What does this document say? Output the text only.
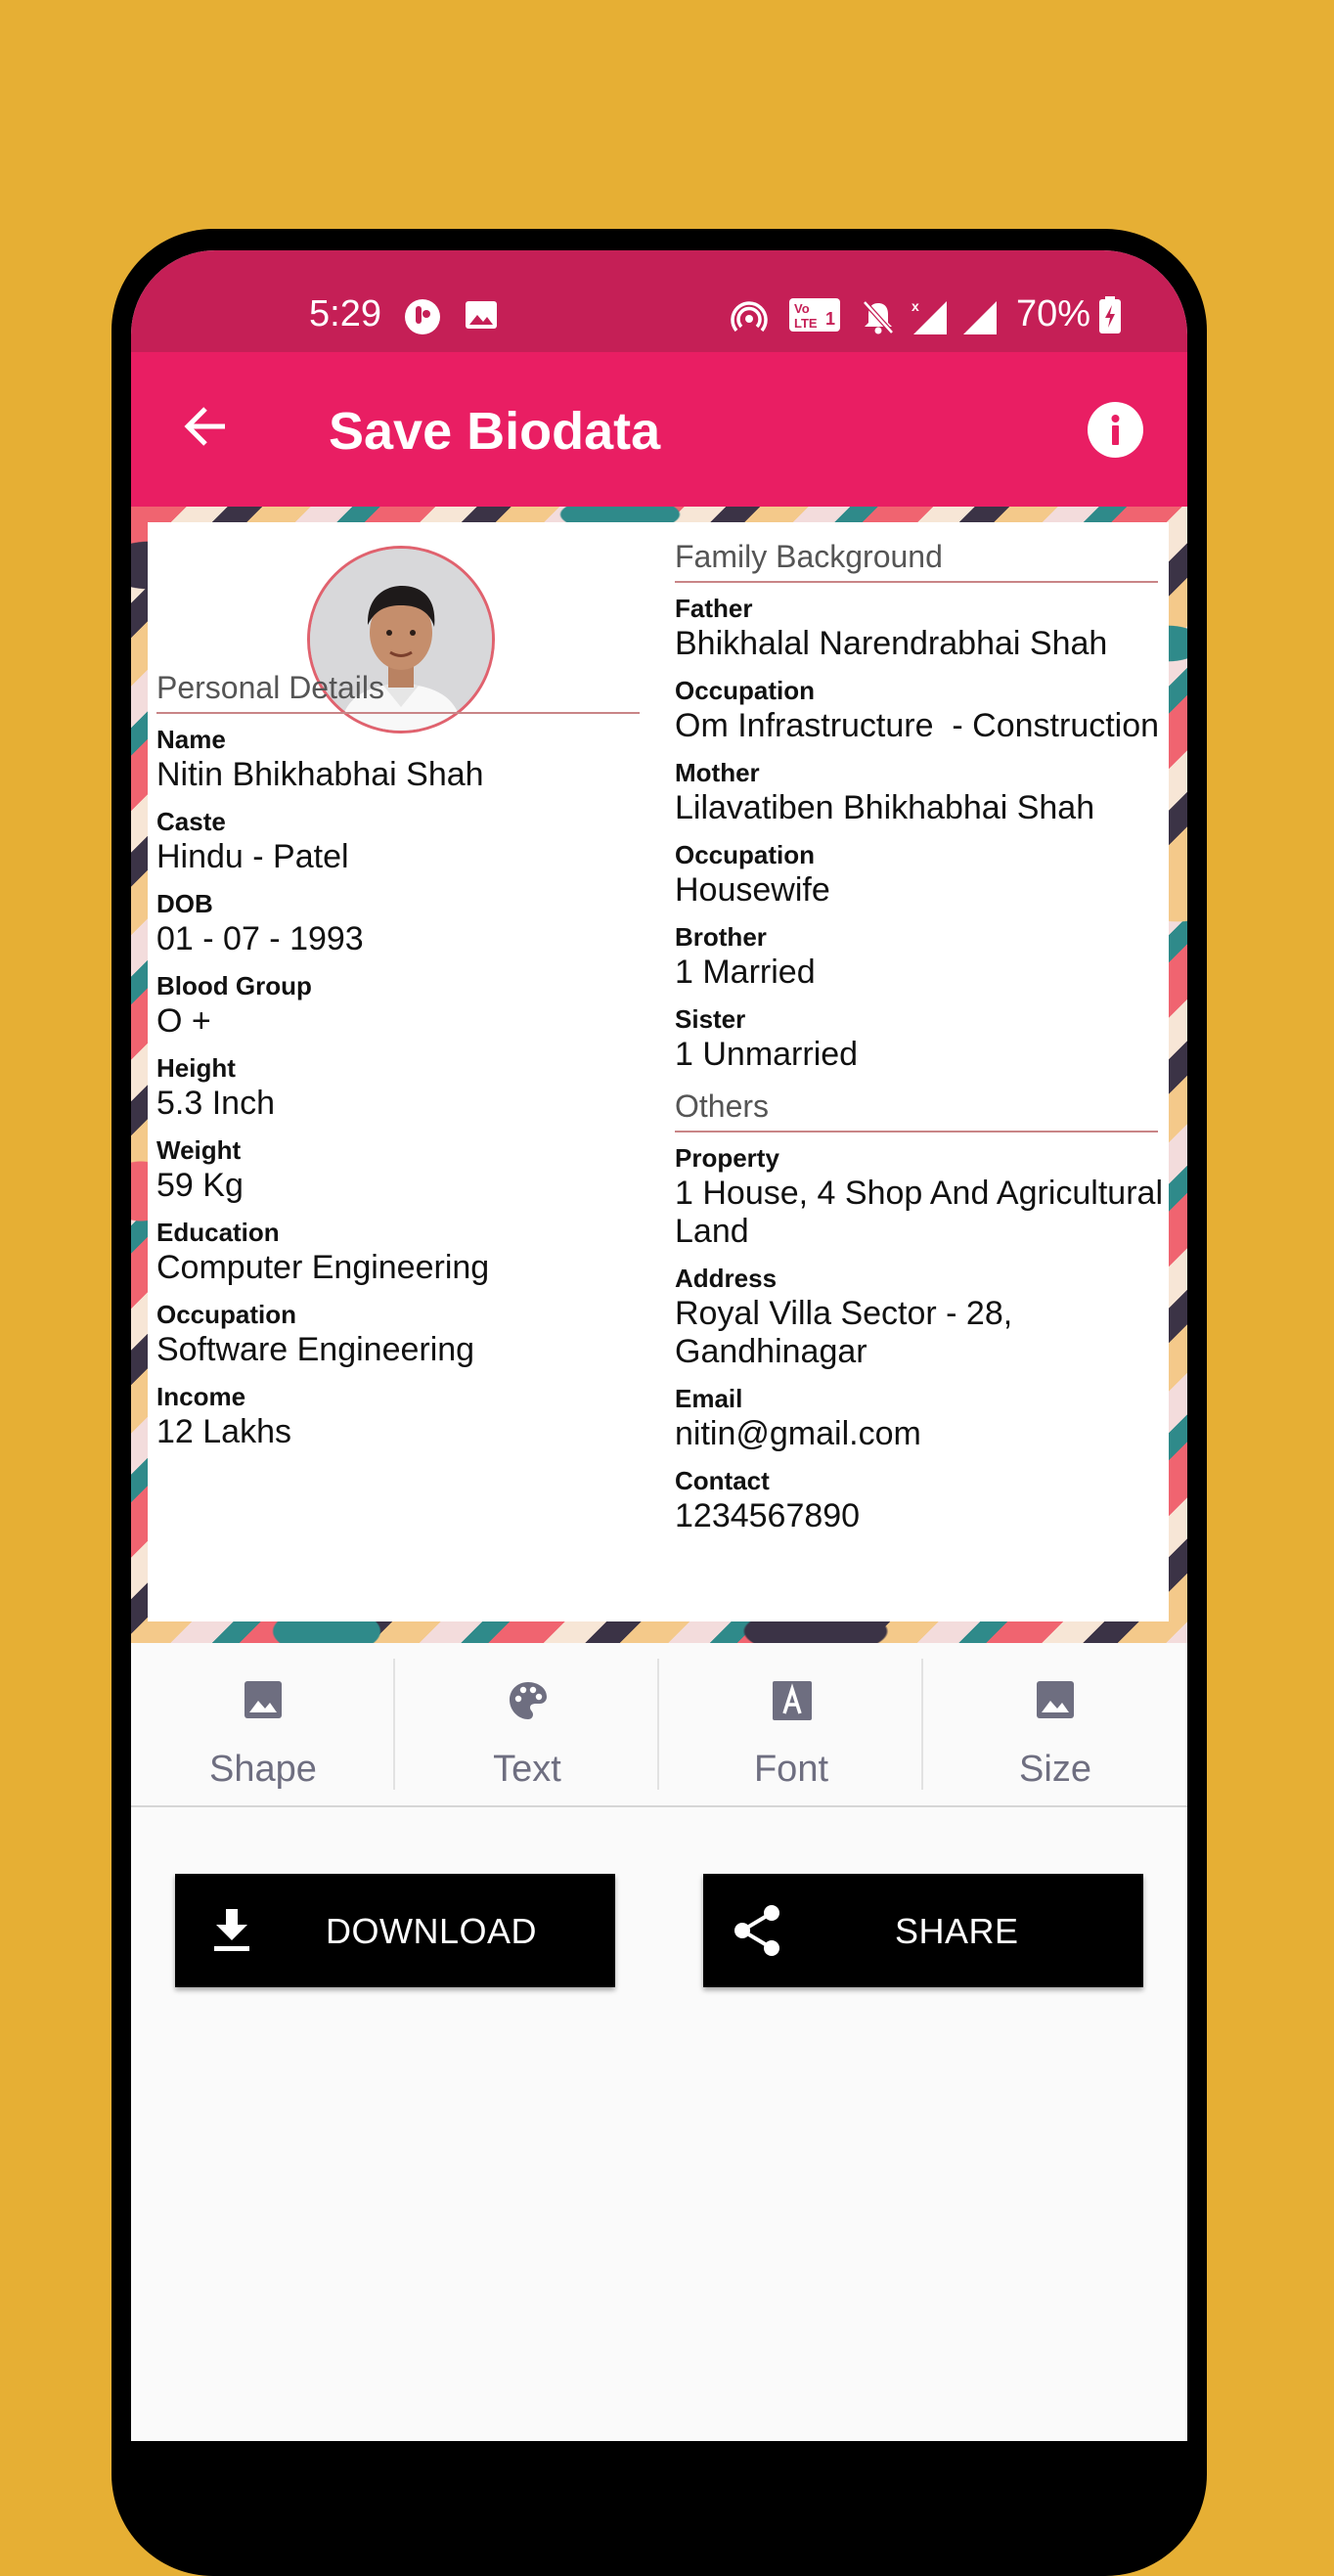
5:29	Vo
LTE 1
x	70%
Save Biodata
Personal Details
Name
Nitin Bhikhabhai Shah
Caste
Hindu - Patel
DOB
01 - 07 - 1993
Blood Group
O +
Height
5.3 Inch
Weight
59 Kg
Education
Computer Engineering
Occupation
Software Engineering
Income
12 Lakhs
Family Background
Father
Bhikhalal Narendrabhai Shah
Occupation
Om Infrastructure  - Construction
Mother
Lilavatiben Bhikhabhai Shah
Occupation
Housewife
Brother
1 Married
Sister
1 Unmarried
Others
Property
1 House, 4 Shop And Agricultural
Land
Address
Royal Villa Sector - 28,
Gandhinagar
Email
nitin@gmail.com
Contact
1234567890
Shape	Text	Font	Size
DOWNLOAD	SHARE
